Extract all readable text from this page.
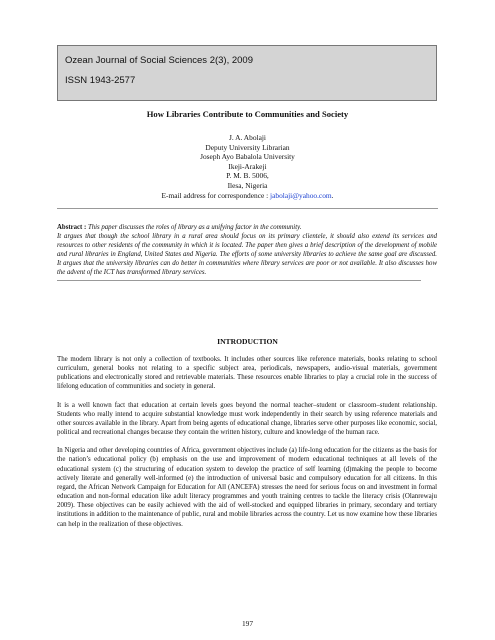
Ozean Journal of Social Sciences 2(3), 2009
ISSN 1943-2577
How Libraries Contribute to Communities and Society
J. A. Abolaji
Deputy University Librarian
Joseph Ayo Babalola University
Ikeji-Arakeji
P. M. B. 5006,
Ilesa, Nigeria
E-mail address for correspondence : jabolaji@yahoo.com.

Abstract : This paper discusses the roles of library as a unifying factor in the community.

It argues that though the school library in a rural area should focus on its primary clientele, it should also extend its services and resources to other residents of the community in which it is located. The paper then gives a brief description of the development of mobile and rural libraries in England, United States and Nigeria. The efforts of some university libraries to achieve the same goal are discussed. It argues that the university libraries can do better in communities where library services are poor or not available. It also discusses how the advent of the ICT has transformed library services.

INTRODUCTION

The modern library is not only a collection of textbooks. It includes other sources like reference materials, books relating to school curriculum, general books not relating to a specific subject area, periodicals, newspapers, audio-visual materials, government publications and electronically stored and retrievable materials. These resources enable libraries to play a crucial role in the success of lifelong education of communities and society in general.

It is a well known fact that education at certain levels goes beyond the normal teacher–student or classroom–student relationship. Students who really intend to acquire substantial knowledge must work independently in their search by using reference materials and other sources available in the library. Apart from being agents of educational change, libraries serve other purposes like economic, social, political and recreational changes because they contain the written history, culture and knowledge of the human race.

In Nigeria and other developing countries of Africa, government objectives include (a) life-long education for the citizens as the basis for the nation’s educational policy (b) emphasis on the use and improvement of modern educational techniques at all levels of the educational system (c) the structuring of education system to develop the practice of self learning (d)making the people to become actively literate and generally well-informed (e) the introduction of universal basic and compulsory education for all citizens. In this regard, the African Network Campaign for Education for All (ANCEFA) stresses the need for serious focus on and investment in formal education and non-formal education like adult literacy programmes and youth training centres to tackle the literacy crisis (Olanrewaju 2009). These objectives can be easily achieved with the aid of well-stocked and equipped libraries in primary, secondary and tertiary institutions in addition to the maintenance of public, rural and mobile libraries across the country. Let us now examine how these libraries can help in the realization of these objectives.

197
